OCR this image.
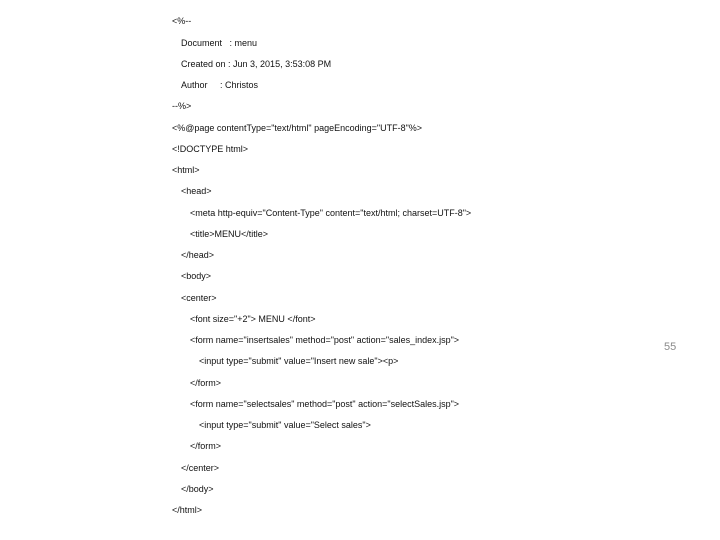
<%--
Document   : menu
Created on : Jun 3, 2015, 3:53:08 PM
Author     : Christos
--%>
<%@page contentType="text/html" pageEncoding="UTF-8"%>
<!DOCTYPE html>
<html>
<head>
<meta http-equiv="Content-Type" content="text/html; charset=UTF-8">
<title>MENU</title>
</head>
<body>
<center>
<font size="+2"> MENU </font>
<form name="insertsales" method="post" action="sales_index.jsp">
<input type="submit" value="Insert new sale"><p>
</form>
<form name="selectsales" method="post" action="selectSales.jsp">
<input type="submit" value="Select sales">
</form>
</center>
</body>
</html>
55
